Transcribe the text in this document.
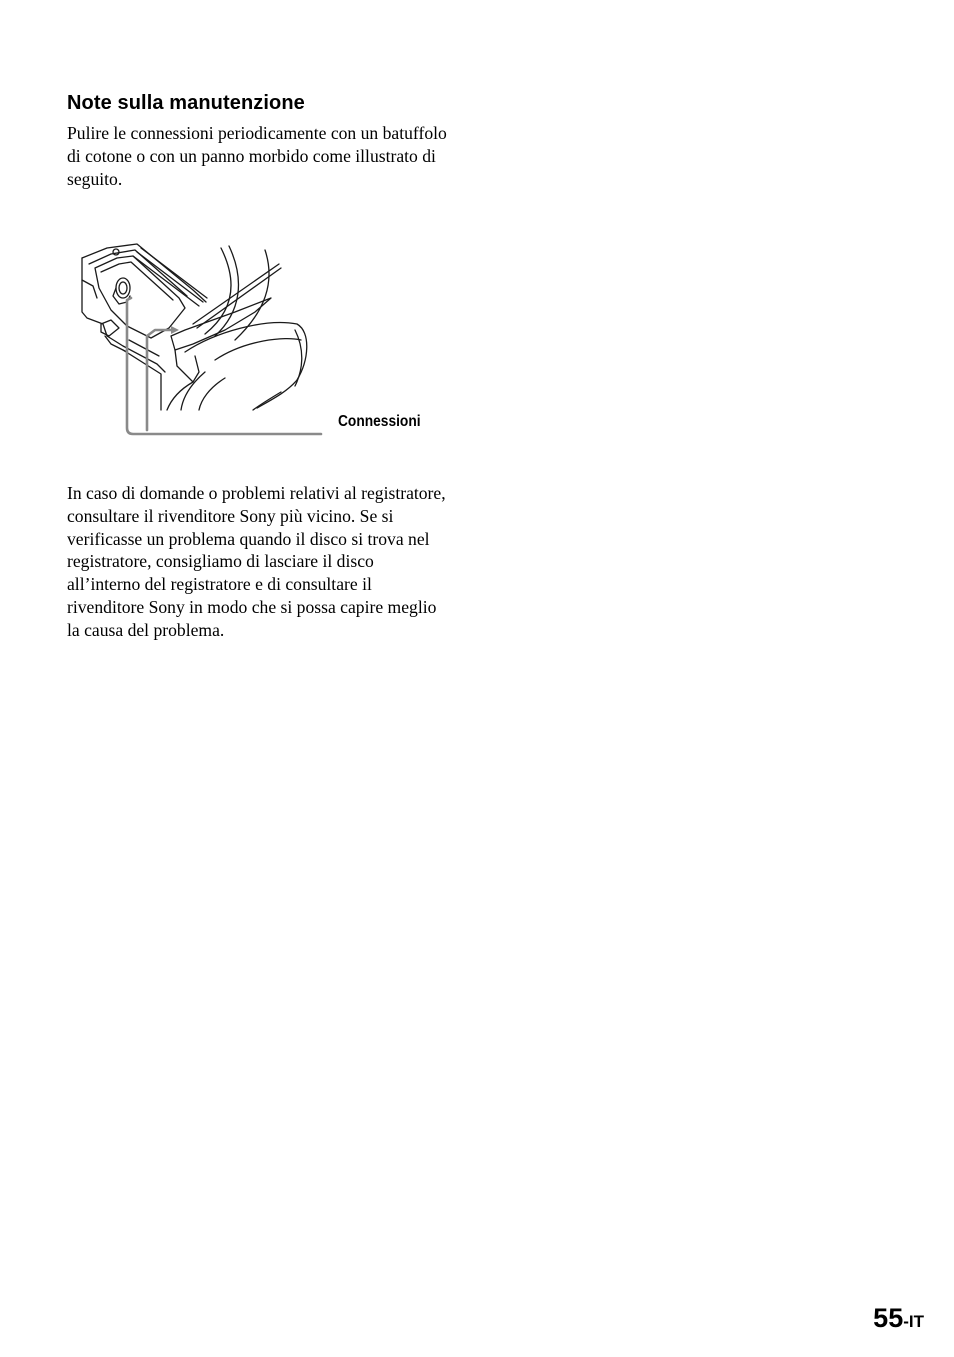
Note sulla manutenzione

Pulire le connessioni periodicamente con un batuffolo di cotone o con un panno morbido come illustrato di seguito.

Connessioni

In caso di domande o problemi relativi al registratore, consultare il rivenditore Sony più vicino. Se si verificasse un problema quando il disco si trova nel registratore, consigliamo di lasciare il disco all’interno del registratore e di consultare il rivenditore Sony in modo che si possa capire meglio la causa del problema.

55-IT
